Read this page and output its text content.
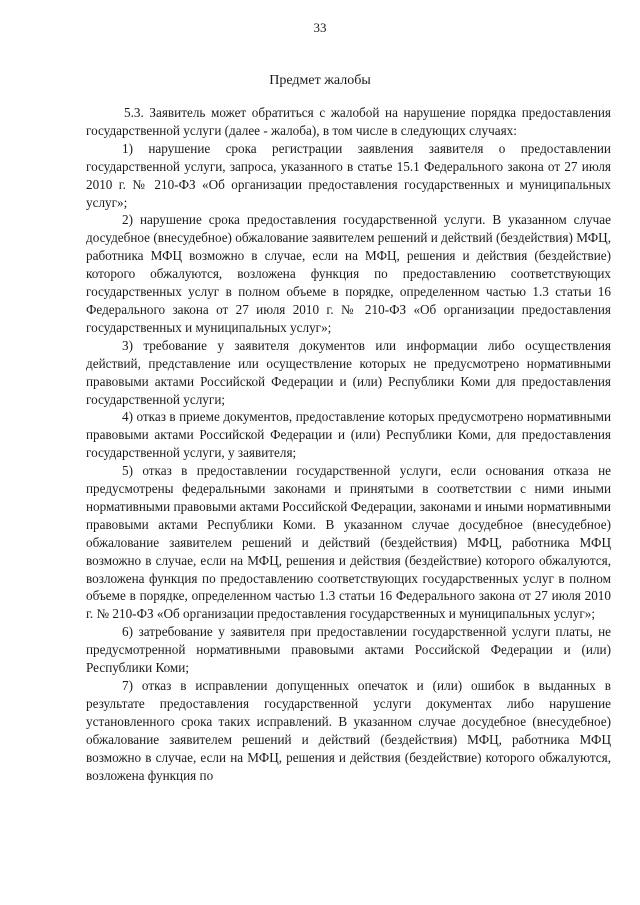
33
Предмет жалобы

5.3. Заявитель может обратиться с жалобой на нарушение порядка предоставления государственной услуги (далее - жалоба), в том числе в следующих случаях:

1) нарушение срока регистрации заявления заявителя о предоставлении государственной услуги, запроса, указанного в статье 15.1 Федерального закона от 27 июля 2010 г. № 210-ФЗ «Об организации предоставления государственных и муниципальных услуг»;

2) нарушение срока предоставления государственной услуги. В указанном случае досудебное (внесудебное) обжалование заявителем решений и действий (бездействия) МФЦ, работника МФЦ возможно в случае, если на МФЦ, решения и действия (бездействие) которого обжалуются, возложена функция по предоставлению соответствующих государственных услуг в полном объеме в порядке, определенном частью 1.3 статьи 16 Федерального закона от 27 июля 2010 г. № 210-ФЗ «Об организации предоставления государственных и муниципальных услуг»;

3) требование у заявителя документов или информации либо осуществления действий, представление или осуществление которых не предусмотрено нормативными правовыми актами Российской Федерации и (или) Республики Коми для предоставления государственной услуги;

4) отказ в приеме документов, предоставление которых предусмотрено нормативными правовыми актами Российской Федерации и (или) Республики Коми, для предоставления государственной услуги, у заявителя;

5) отказ в предоставлении государственной услуги, если основания отказа не предусмотрены федеральными законами и принятыми в соответствии с ними иными нормативными правовыми актами Российской Федерации, законами и иными нормативными правовыми актами Республики Коми. В указанном случае досудебное (внесудебное) обжалование заявителем решений и действий (бездействия) МФЦ, работника МФЦ возможно в случае, если на МФЦ, решения и действия (бездействие) которого обжалуются, возложена функция по предоставлению соответствующих государственных услуг в полном объеме в порядке, определенном частью 1.3 статьи 16 Федерального закона от 27 июля 2010 г. № 210-ФЗ «Об организации предоставления государственных и муниципальных услуг»;

6) затребование у заявителя при предоставлении государственной услуги платы, не предусмотренной нормативными правовыми актами Российской Федерации и (или) Республики Коми;

7) отказ в исправлении допущенных опечаток и (или) ошибок в выданных в результате предоставления государственной услуги документах либо нарушение установленного срока таких исправлений. В указанном случае досудебное (внесудебное) обжалование заявителем решений и действий (бездействия) МФЦ, работника МФЦ возможно в случае, если на МФЦ, решения и действия (бездействие) которого обжалуются, возложена функция по
